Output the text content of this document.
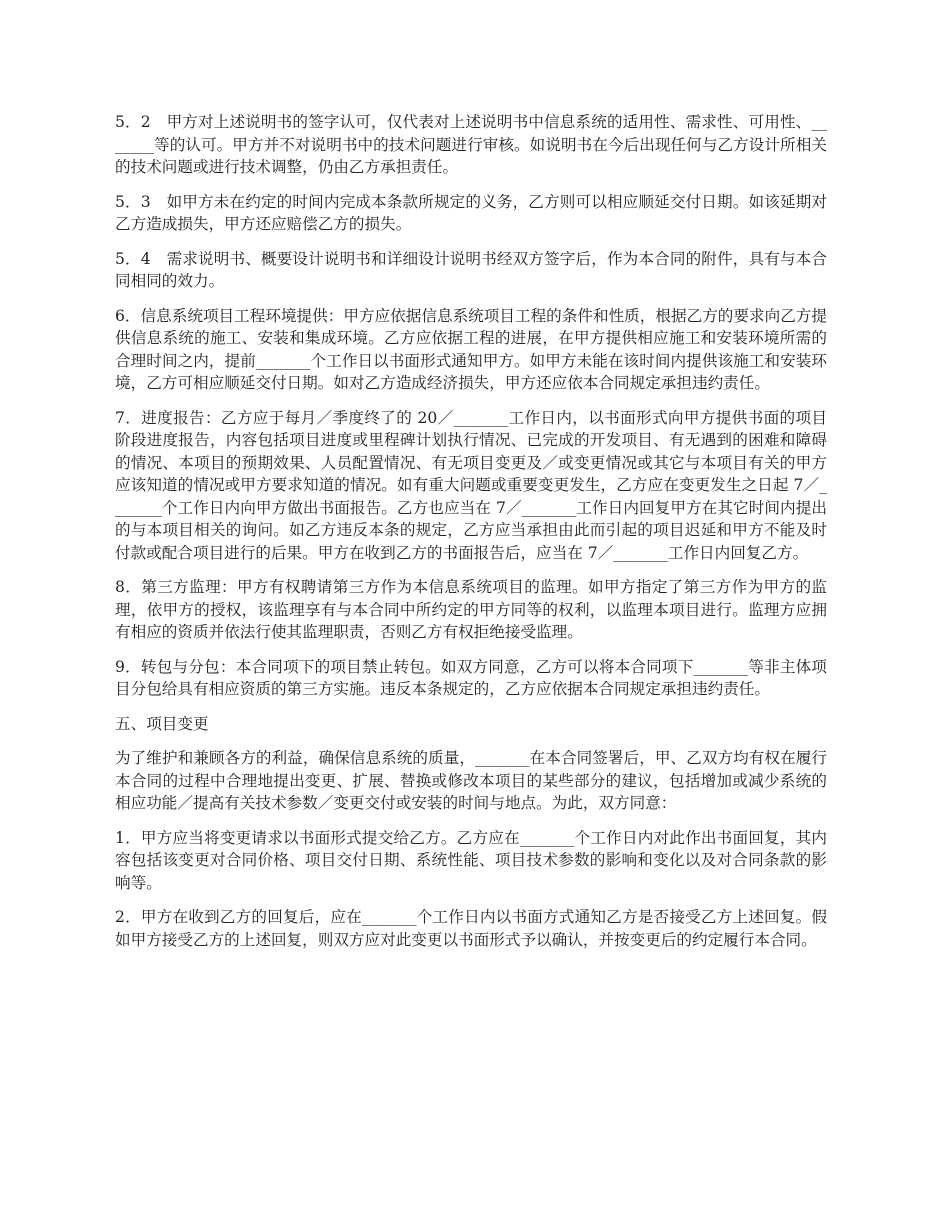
5．2　甲方对上述说明书的签字认可，仅代表对上述说明书中信息系统的适用性、需求性、可用性、_______等的认可。甲方并不对说明书中的技术问题进行审核。如说明书在今后出现任何与乙方设计所相关的技术问题或进行技术调整，仍由乙方承担责任。

5．3　如甲方未在约定的时间内完成本条款所规定的义务，乙方则可以相应顺延交付日期。如该延期对乙方造成损失，甲方还应赔偿乙方的损失。

5．4　需求说明书、概要设计说明书和详细设计说明书经双方签字后，作为本合同的附件，具有与本合同相同的效力。

6．信息系统项目工程环境提供：甲方应依据信息系统项目工程的条件和性质，根据乙方的要求向乙方提供信息系统的施工、安装和集成环境。乙方应依据工程的进展，在甲方提供相应施工和安装环境所需的合理时间之内，提前_______个工作日以书面形式通知甲方。如甲方未能在该时间内提供该施工和安装环境，乙方可相应顺延交付日期。如对乙方造成经济损失，甲方还应依本合同规定承担违约责任。

7．进度报告：乙方应于每月／季度终了的 20／_______工作日内，以书面形式向甲方提供书面的项目阶段进度报告，内容包括项目进度或里程碑计划执行情况、已完成的开发项目、有无遇到的困难和障碍的情况、本项目的预期效果、人员配置情况、有无项目变更及／或变更情况或其它与本项目有关的甲方应该知道的情况或甲方要求知道的情况。如有重大问题或重要变更发生，乙方应在变更发生之日起 7／_______个工作日内向甲方做出书面报告。乙方也应当在 7／_______工作日内回复甲方在其它时间内提出的与本项目相关的询问。如乙方违反本条的规定，乙方应当承担由此而引起的项目迟延和甲方不能及时付款或配合项目进行的后果。甲方在收到乙方的书面报告后，应当在 7／_______工作日内回复乙方。

8．第三方监理：甲方有权聘请第三方作为本信息系统项目的监理。如甲方指定了第三方作为甲方的监理，依甲方的授权，该监理享有与本合同中所约定的甲方同等的权利，以监理本项目进行。监理方应拥有相应的资质并依法行使其监理职责，否则乙方有权拒绝接受监理。

9．转包与分包：本合同项下的项目禁止转包。如双方同意，乙方可以将本合同项下_______等非主体项目分包给具有相应资质的第三方实施。违反本条规定的，乙方应依据本合同规定承担违约责任。

五、项目变更

为了维护和兼顾各方的利益，确保信息系统的质量，_______在本合同签署后，甲、乙双方均有权在履行本合同的过程中合理地提出变更、扩展、替换或修改本项目的某些部分的建议，包括增加或减少系统的相应功能／提高有关技术参数／变更交付或安装的时间与地点。为此，双方同意：

1．甲方应当将变更请求以书面形式提交给乙方。乙方应在_______个工作日内对此作出书面回复，其内容包括该变更对合同价格、项目交付日期、系统性能、项目技术参数的影响和变化以及对合同条款的影响等。

2．甲方在收到乙方的回复后，应在_______个工作日内以书面方式通知乙方是否接受乙方上述回复。假如甲方接受乙方的上述回复，则双方应对此变更以书面形式予以确认，并按变更后的约定履行本合同。
